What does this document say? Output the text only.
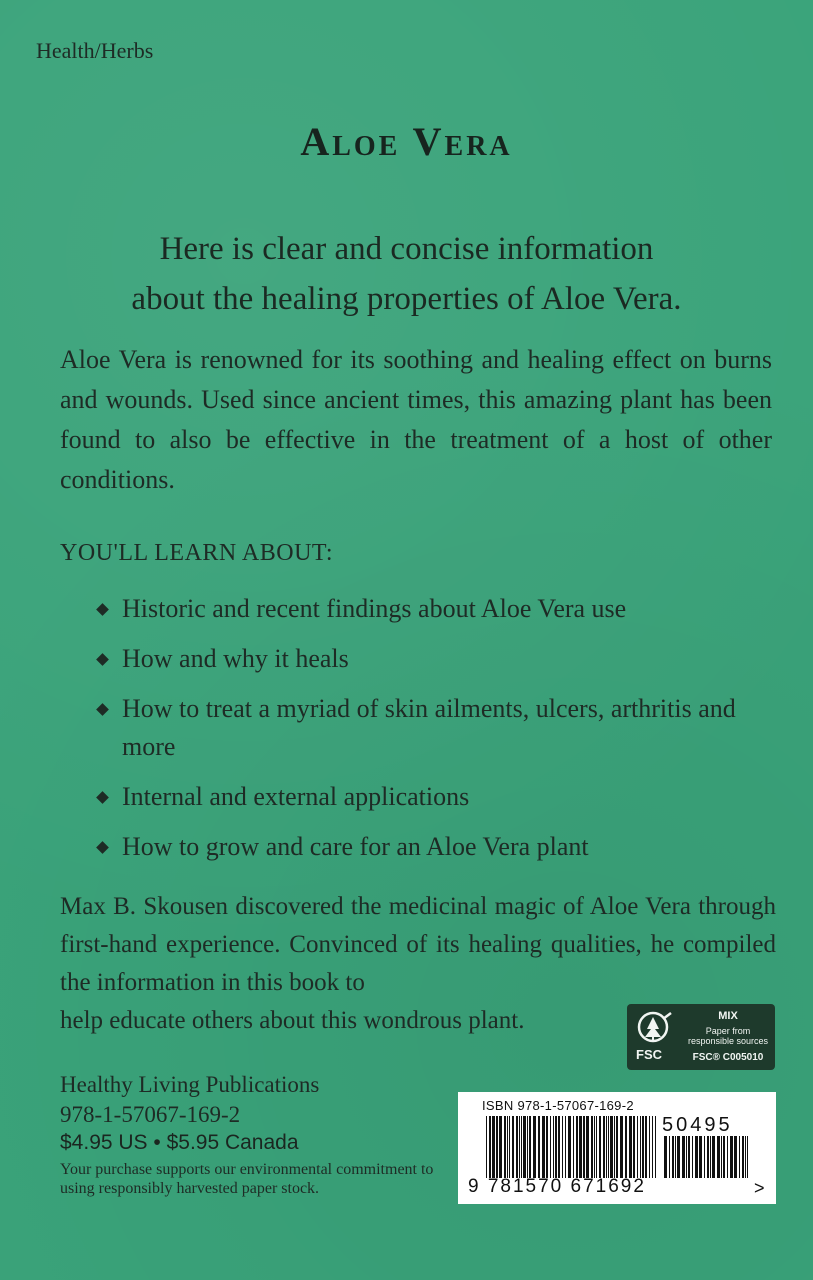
Health/Herbs
Aloe Vera
Here is clear and concise information
about the healing properties of Aloe Vera.
Aloe Vera is renowned for its soothing and healing effect on burns and wounds. Used since ancient times, this amazing plant has been found to also be effective in the treatment of a host of other conditions.
YOU'LL LEARN ABOUT:
Historic and recent findings about Aloe Vera use
How and why it heals
How to treat a myriad of skin ailments, ulcers, arthritis and more
Internal and external applications
How to grow and care for an Aloe Vera plant
Max B. Skousen discovered the medicinal magic of Aloe Vera through first-hand experience. Convinced of its healing qualities, he compiled the information in this book to
help educate others about this wondrous plant.
FSC
MIX
Paper from responsible sources
FSC® C005010
Healthy Living Publications
978-1-57067-169-2
$4.95 US • $5.95 Canada
Your purchase supports our environmental commitment to using responsibly harvested paper stock.
ISBN 978-1-57067-169-2
50495
9 781570 671692	>
